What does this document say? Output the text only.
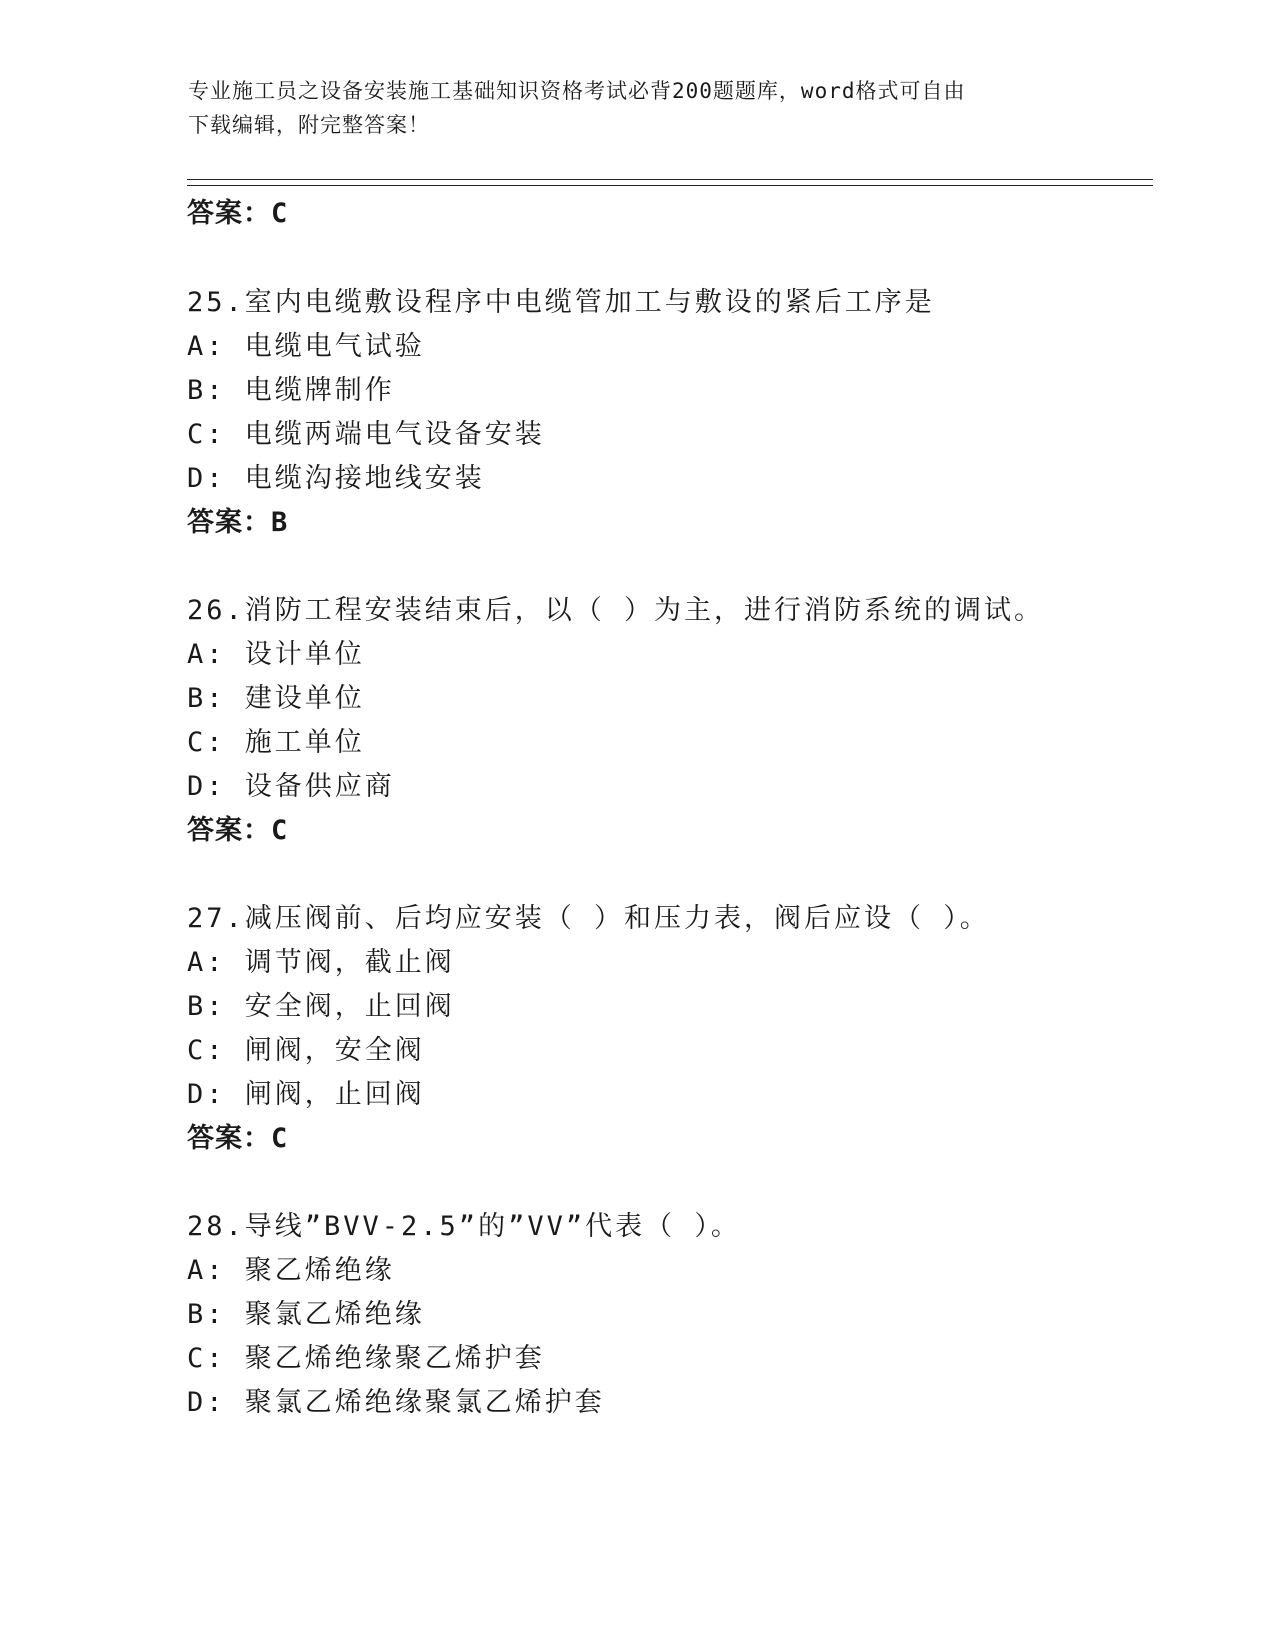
专业施工员之设备安装施工基础知识资格考试必背200题题库，word格式可自由
下载编辑，附完整答案！
答案：C
25.室内电缆敷设程序中电缆管加工与敷设的紧后工序是
A: 电缆电气试验
B: 电缆牌制作
C: 电缆两端电气设备安装
D: 电缆沟接地线安装
答案：B
26.消防工程安装结束后，以（ ）为主，进行消防系统的调试。
A: 设计单位
B: 建设单位
C: 施工单位
D: 设备供应商
答案：C
27.减压阀前、后均应安装（ ）和压力表，阀后应设（ ）。
A: 调节阀，截止阀
B: 安全阀，止回阀
C: 闸阀，安全阀
D: 闸阀，止回阀
答案：C
28.导线”BVV-2.5”的”VV”代表（ ）。
A: 聚乙烯绝缘
B: 聚氯乙烯绝缘
C: 聚乙烯绝缘聚乙烯护套
D: 聚氯乙烯绝缘聚氯乙烯护套
